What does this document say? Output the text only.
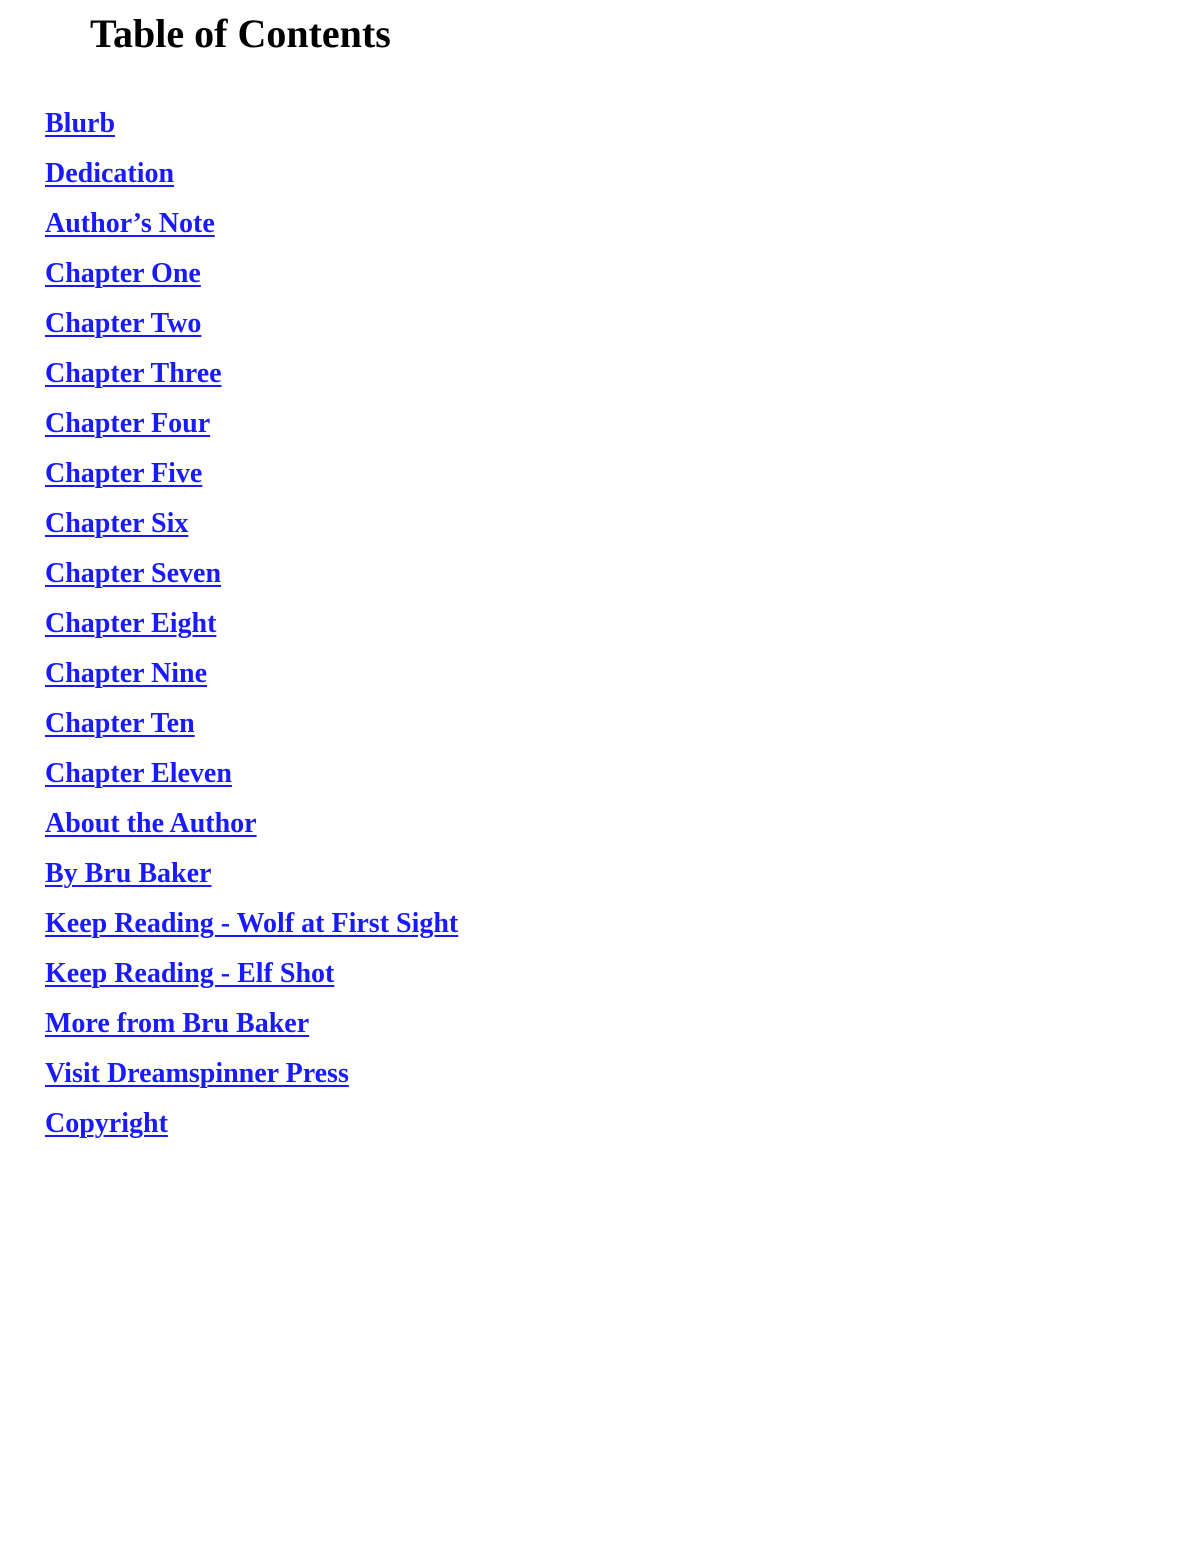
Table of Contents
Blurb
Dedication
Author’s Note
Chapter One
Chapter Two
Chapter Three
Chapter Four
Chapter Five
Chapter Six
Chapter Seven
Chapter Eight
Chapter Nine
Chapter Ten
Chapter Eleven
About the Author
By Bru Baker
Keep Reading - Wolf at First Sight
Keep Reading - Elf Shot
More from Bru Baker
Visit Dreamspinner Press
Copyright
